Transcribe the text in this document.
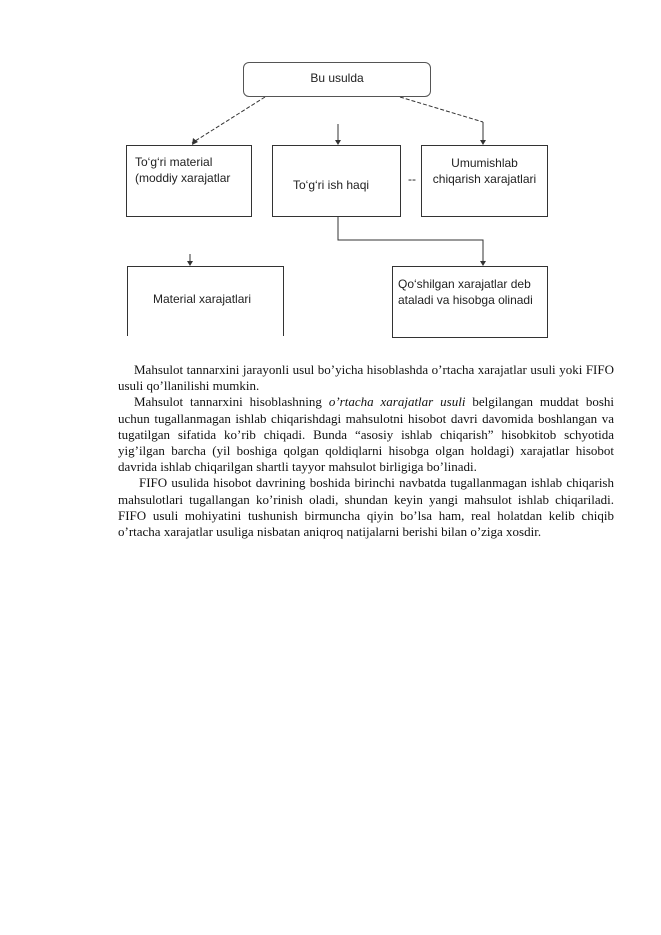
Bu usulda
To‘g‘ri material
(moddiy xarajatlar	To‘g‘ri ish haqi	--
Umumishlab
chiqarish xarajatlari
Material xarajatlari
Qo‘shilgan xarajatlar deb
ataladi va hisobga olinadi

Mahsulot tannarxini jarayonli usul bo’yicha hisoblashda o’rtacha xarajatlar usuli yoki FIFO usuli qo’llanilishi mumkin.

Mahsulot tannarxini hisoblashning o’rtacha xarajatlar usuli belgilangan muddat boshi uchun tugallanmagan ishlab chiqarishdagi mahsulotni hisobot davri davomida boshlangan va tugatilgan sifatida ko’rib chiqadi. Bunda “asosiy ishlab chiqarish” hisobkitob schyotida yig’ilgan barcha (yil boshiga qolgan qoldiqlarni hisobga olgan holdagi) xarajatlar hisobot davrida ishlab chiqarilgan shartli tayyor mahsulot birligiga bo’linadi.

FIFO usulida hisobot davrining boshida birinchi navbatda tugallanmagan ishlab chiqarish mahsulotlari tugallangan ko’rinish oladi, shundan keyin yangi mahsulot ishlab chiqariladi. FIFO usuli mohiyatini tushunish birmuncha qiyin bo’lsa ham, real holatdan kelib chiqib o’rtacha xarajatlar usuliga nisbatan aniqroq natijalarni berishi bilan o’ziga xosdir.
